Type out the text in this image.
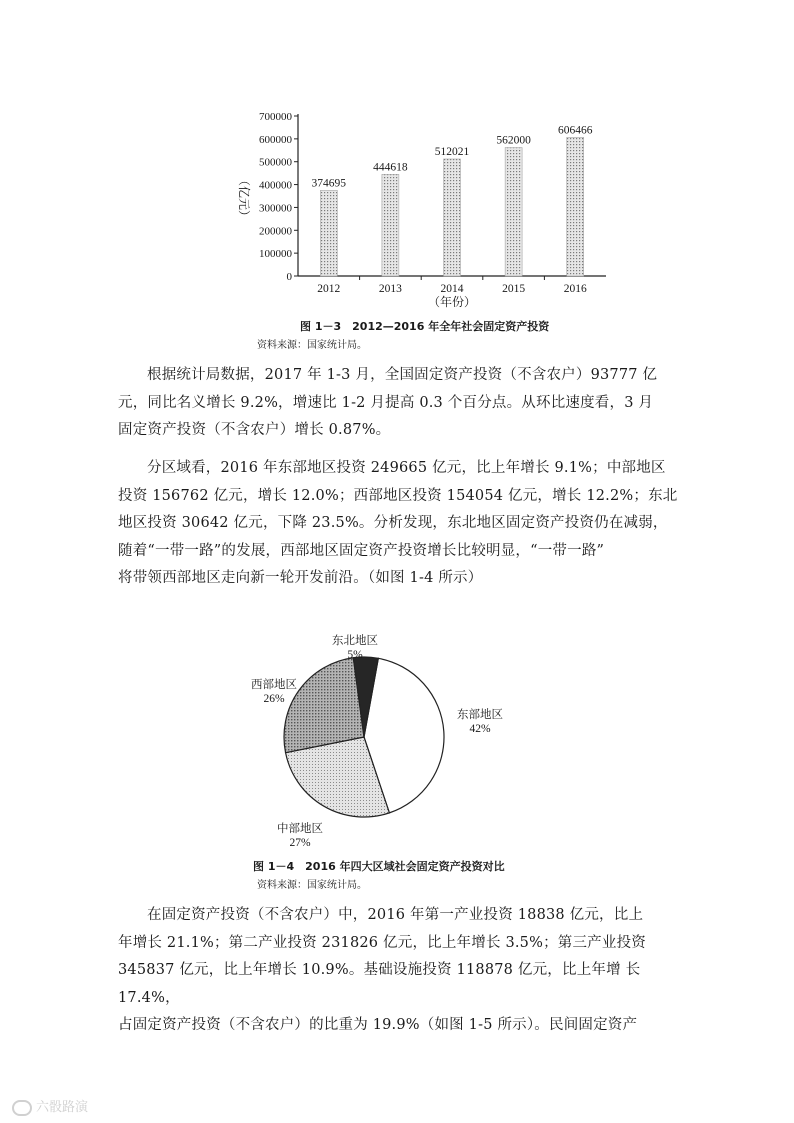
（亿元）
0
100000
200000
300000
400000
500000
600000
700000
374695
444618
512021
562000
606466
2012	2013	2014	2015	2016
（年份）
图 1－3　2012—2016 年全年社会固定资产投资
资料来源：国家统计局。

根据统计局数据，2017 年 1-3 月，全国固定资产投资（不含农户）93777 亿

元，同比名义增长 9.2%，增速比 1-2 月提高 0.3 个百分点。从环比速度看，3 月

固定资产投资（不含农户）增长 0.87%。

分区域看，2016 年东部地区投资 249665 亿元，比上年增长 9.1%；中部地区

投资 156762 亿元，增长 12.0%；西部地区投资 154054 亿元，增长 12.2%；东北

地区投资 30642 亿元，下降 23.5%。分析发现，东北地区固定资产投资仍在减弱，

随着“一带一路”的发展，西部地区固定资产投资增长比较明显，“一带一路”

将带领西部地区走向新一轮开发前沿。（如图 1-4 所示）

东部地区
42%
中部地区
27%
西部地区
26%
东北地区
5%
图 1－4　2016 年四大区域社会固定资产投资对比
资料来源：国家统计局。

在固定资产投资（不含农户）中，2016 年第一产业投资 18838 亿元，比上

年增长 21.1%；第二产业投资 231826 亿元，比上年增长 3.5%；第三产业投资

345837 亿元，比上年增长 10.9%。基础设施投资 118878 亿元，比上年增 长 17.4%，

占固定资产投资（不含农户）的比重为 19.9%（如图 1-5 所示）。民间固定资产

六骰路演
